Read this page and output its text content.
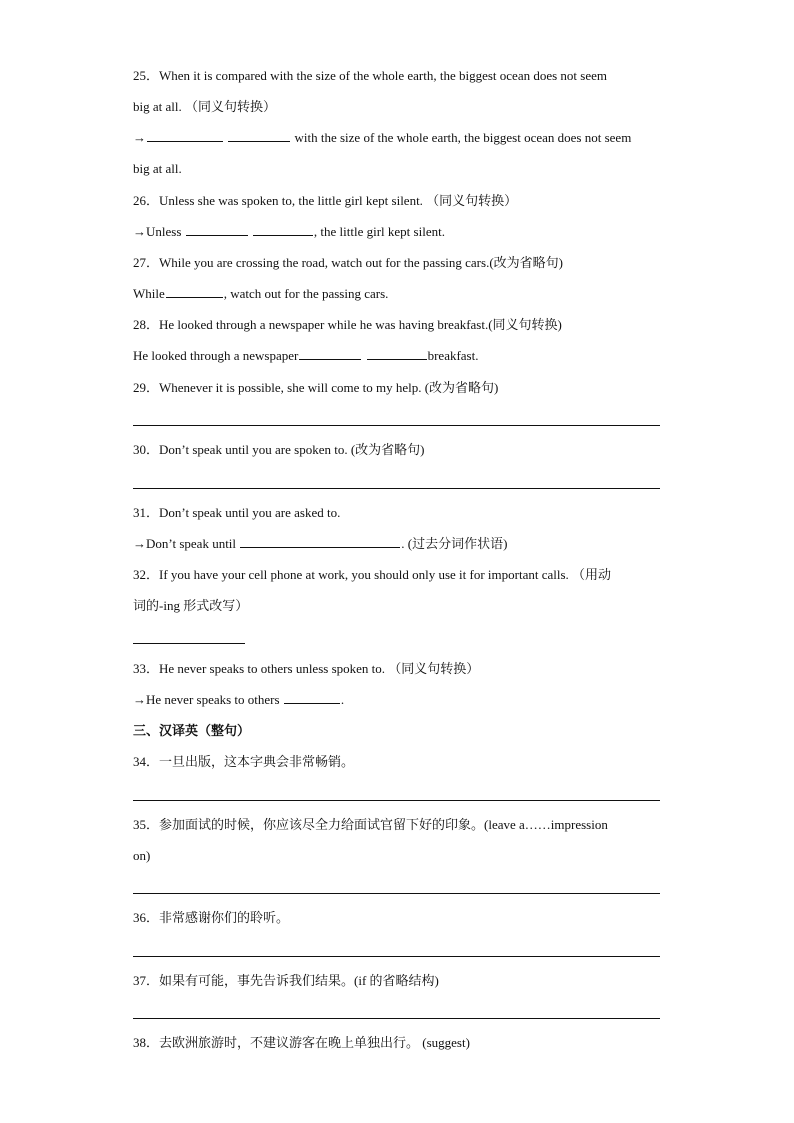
25．When it is compared with the size of the whole earth, the biggest ocean does not seem
big at all. （同义句转换）
→	with the size of the whole earth, the biggest ocean does not seem
big at all.
26．Unless she was spoken to, the little girl kept silent. （同义句转换）
→Unless	, the little girl kept silent.
27．While you are crossing the road, watch out for the passing cars.(改为省略句)
While	, watch out for the passing cars.
28．He looked through a newspaper while he was having breakfast.(同义句转换)
He looked through a newspaper	breakfast.
29．Whenever it is possible, she will come to my help. (改为省略句)
30．Don’t speak until you are spoken to. (改为省略句)
31．Don’t speak until you are asked to.
→Don’t speak until	. (过去分词作状语)
32．If you have your cell phone at work, you should only use it for important calls. （用动
词的-ing 形式改写）
33．He never speaks to others unless spoken to. （同义句转换）
→He never speaks to others	.
三、汉译英（整句）
34．一旦出版，这本字典会非常畅销。
35．参加面试的时候，你应该尽全力给面试官留下好的印象。(leave a……impression
on)
36．非常感谢你们的聆听。
37．如果有可能，事先告诉我们结果。(if 的省略结构)
38．去欧洲旅游时，不建议游客在晚上单独出行。 (suggest)
